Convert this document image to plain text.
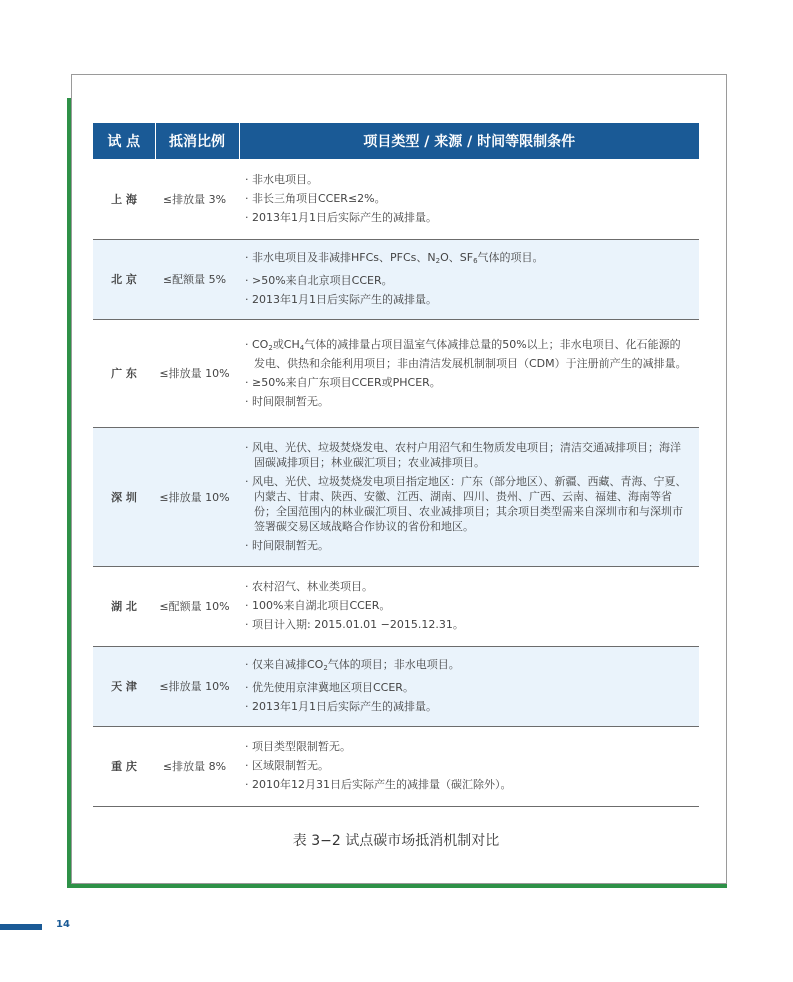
试 点	抵消比例	项目类型 / 来源 / 时间等限制条件
上 海	≤排放量 3%	· 非水电项目。
· 非长三角项目CCER≤2%。
· 2013年1月1日后实际产生的减排量。

北 京	≤配额量 5%	· 非水电项目及非减排HFCs、PFCs、$N_2O$、$SF_6$气体的项目。
· >50%来自北京项目CCER。
· 2013年1月1日后实际产生的减排量。

广 东	≤排放量 10%	· $CO_2$或$CH_4$气体的减排量占项目温室气体减排总量的50%以上；非水电项目、化石能源的发电、供热和余能利用项目；非由清洁发展机制制项目（CDM）于注册前产生的减排量。
· ≥50%来自广东项目CCER或PHCER。
· 时间限制暂无。

深 圳	≤排放量 10%	· 风电、光伏、垃圾焚烧发电、农村户用沼气和生物质发电项目；清洁交通减排项目；海洋固碳减排项目；林业碳汇项目；农业减排项目。
· 风电、光伏、垃圾焚烧发电项目指定地区：广东（部分地区）、新疆、西藏、青海、宁夏、内蒙古、甘肃、陕西、安徽、江西、湖南、四川、贵州、广西、云南、福建、海南等省份；全国范围内的林业碳汇项目、农业减排项目；其余项目类型需来自深圳市和与深圳市签署碳交易区域战略合作协议的省份和地区。
· 时间限制暂无。

湖 北	≤配额量 10%	· 农村沼气、林业类项目。
· 100%来自湖北项目CCER。
· 项目计入期: 2015.01.01 −2015.12.31。

天 津	≤排放量 10%	· 仅来自减排$CO_2$气体的项目；非水电项目。
· 优先使用京津冀地区项目CCER。
· 2013年1月1日后实际产生的减排量。

重 庆	≤排放量 8%	· 项目类型限制暂无。
· 区域限制暂无。
· 2010年12月31日后实际产生的减排量（碳汇除外）。
表 3−2 试点碳市场抵消机制对比
14
